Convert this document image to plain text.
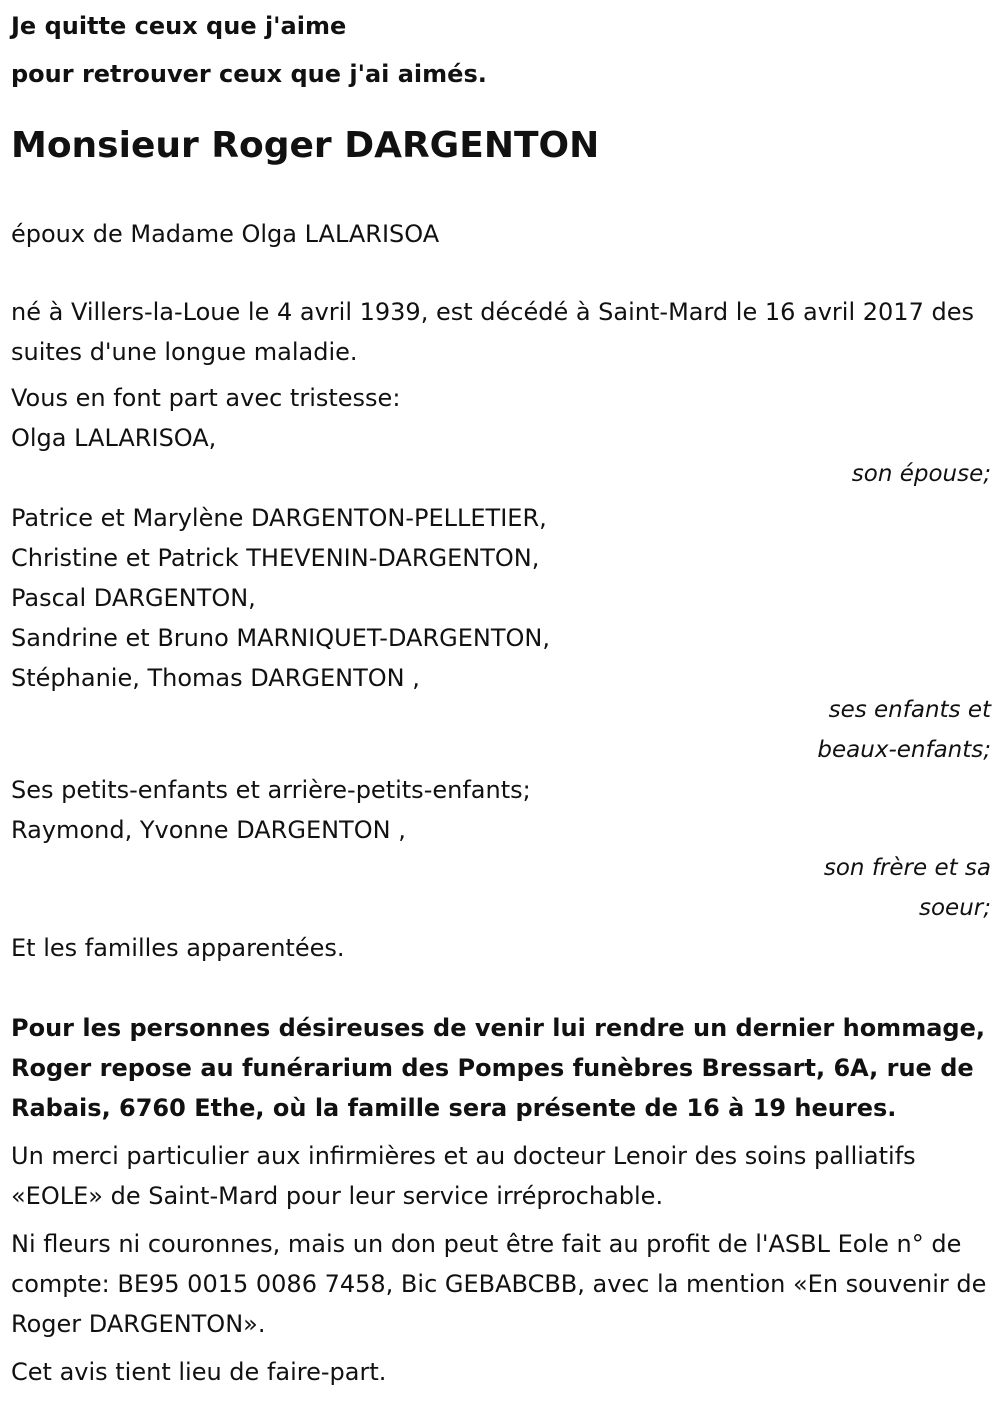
Je quitte ceux que j'aime

pour retrouver ceux que j'ai aimés.

Monsieur Roger DARGENTON

époux de Madame Olga LALARISOA

né à Villers-la-Loue le 4 avril 1939, est décédé à Saint-Mard le 16 avril 2017 des suites d'une longue maladie.

Vous en font part avec tristesse:

Olga LALARISOA,

son épouse;

Patrice et Marylène DARGENTON-PELLETIER,

Christine et Patrick THEVENIN-DARGENTON,

Pascal DARGENTON,

Sandrine et Bruno MARNIQUET-DARGENTON,

Stéphanie, Thomas DARGENTON ,

ses enfants et

beaux-enfants;

Ses petits-enfants et arrière-petits-enfants;

Raymond, Yvonne DARGENTON ,

son frère et sa

soeur;

Et les familles apparentées.

Pour les personnes désireuses de venir lui rendre un dernier hommage, Roger repose au funérarium des Pompes funèbres Bressart, 6A, rue de Rabais, 6760 Ethe, où la famille sera présente de 16 à 19 heures.

Un merci particulier aux infirmières et au docteur Lenoir des soins palliatifs «EOLE» de Saint-Mard pour leur service irréprochable.

Ni fleurs ni couronnes, mais un don peut être fait au profit de l'ASBL Eole n° de compte: BE95 0015 0086 7458, Bic GEBABCBB, avec la mention «En souvenir de Roger DARGENTON».

Cet avis tient lieu de faire-part.
